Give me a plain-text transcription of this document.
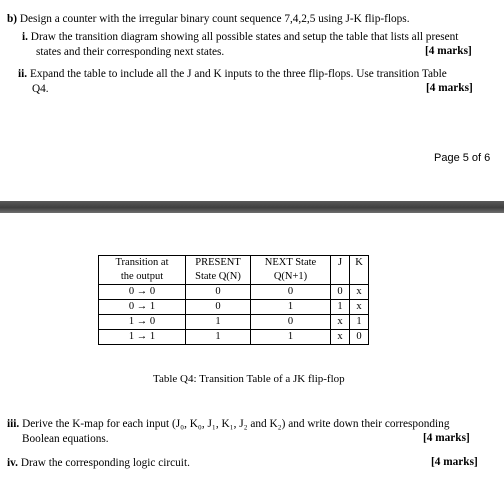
b) Design a counter with the irregular binary count sequence 7,4,2,5 using J-K flip-flops.
i. Draw the transition diagram showing all possible states and setup the table that lists all present
states and their corresponding next states.	[4 marks]
ii. Expand the table to include all the J and K inputs to the three flip-flops. Use transition Table
Q4.	[4 marks]
Page 5 of 6
Transition at	PRESENT	NEXT State	J	K
the output	State Q(N)	Q(N+1)		
0 → 0	0	0	0	x
0 → 1	0	1	1	x
1 → 0	1	0	x	1
1 → 1	1	1	x	0
Table Q4: Transition Table of a JK flip-flop
iii. Derive the K-map for each input (J₀, K₀, J₁, K₁, J₂ and K₂) and write down their corresponding
Boolean equations.	[4 marks]
iv. Draw the corresponding logic circuit.	[4 marks]
